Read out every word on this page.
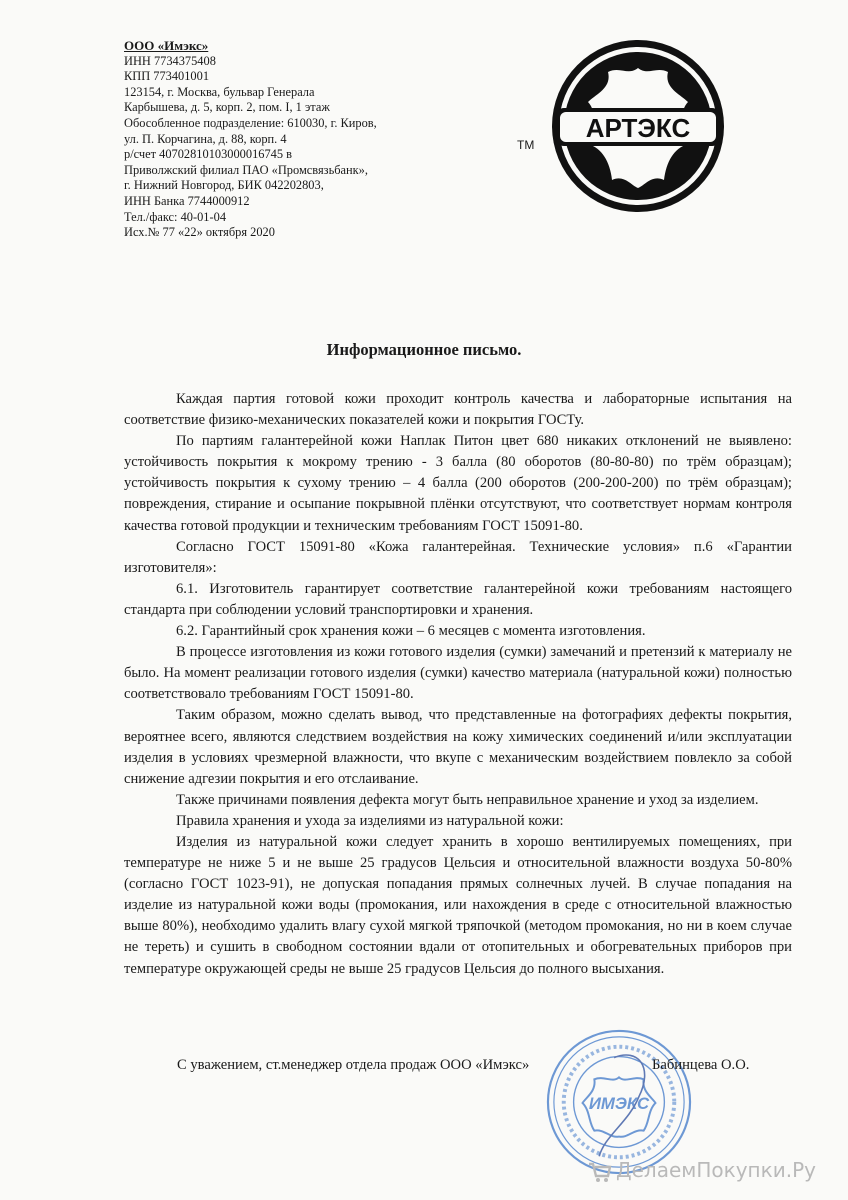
ООО «Имэкс»
ИНН 7734375408
КПП 773401001
123154, г. Москва, бульвар Генерала
Карбышева, д. 5, корп. 2, пом. I, 1 этаж
Обособленное подразделение: 610030, г. Киров,
ул. П. Корчагина, д. 88, корп. 4
р/счет 40702810103000016745 в
Приволжский филиал ПАО «Промсвязьбанк»,
г. Нижний Новгород, БИК 042202803,
ИНН Банка 7744000912
Тел./факс: 40-01-04
Исх.№ 77 «22» октября 2020
TM
АРТЭКС
Информационное письмо.

Каждая партия готовой кожи проходит контроль качества и лабораторные испытания на соответствие физико-механических показателей кожи и покрытия ГОСТу.

По партиям галантерейной кожи Наплак Питон цвет 680 никаких отклонений не выявлено: устойчивость покрытия к мокрому трению - 3 балла (80 оборотов (80-80-80) по трём образцам); устойчивость покрытия к сухому трению – 4 балла (200 оборотов (200-200-200) по трём образцам); повреждения, стирание и осыпание покрывной плёнки отсутствуют, что соответствует нормам контроля качества готовой продукции и техническим требованиям ГОСТ 15091-80.

Согласно ГОСТ 15091-80 «Кожа галантерейная. Технические условия» п.6 «Гарантии изготовителя»:

6.1. Изготовитель гарантирует соответствие галантерейной кожи требованиям настоящего стандарта при соблюдении условий транспортировки и хранения.

6.2. Гарантийный срок хранения кожи – 6 месяцев с момента изготовления.

В процессе изготовления из кожи готового изделия (сумки) замечаний и претензий к материалу не было. На момент реализации готового изделия (сумки) качество материала (натуральной кожи) полностью соответствовало требованиям ГОСТ 15091-80.

Таким образом, можно сделать вывод, что представленные на фотографиях дефекты покрытия, вероятнее всего, являются следствием воздействия на кожу химических соединений и/или эксплуатации изделия в условиях чрезмерной влажности, что вкупе с механическим воздействием повлекло за собой снижение адгезии покрытия и его отслаивание.

Также причинами появления дефекта могут быть неправильное хранение и уход за изделием.

Правила хранения и ухода за изделиями из натуральной кожи:

Изделия из натуральной кожи следует хранить в хорошо вентилируемых помещениях, при температуре не ниже 5 и не выше 25 градусов Цельсия и относительной влажности воздуха 50-80% (согласно ГОСТ 1023-91), не допуская попадания прямых солнечных лучей. В случае попадания на изделие из натуральной кожи воды (промокания, или нахождения в среде с относительной влажностью выше 80%), необходимо удалить влагу сухой мягкой тряпочкой (методом промокания, но ни в коем случае не тереть) и сушить в свободном состоянии вдали от отопительных и обогревательных приборов при температуре окружающей среды не выше 25 градусов Цельсия до полного высыхания.

С уважением, ст.менеджер отдела продаж ООО «Имэкс»
ИМЭКС
Бабинцева О.О.
ДелаемПокупки.Ру
